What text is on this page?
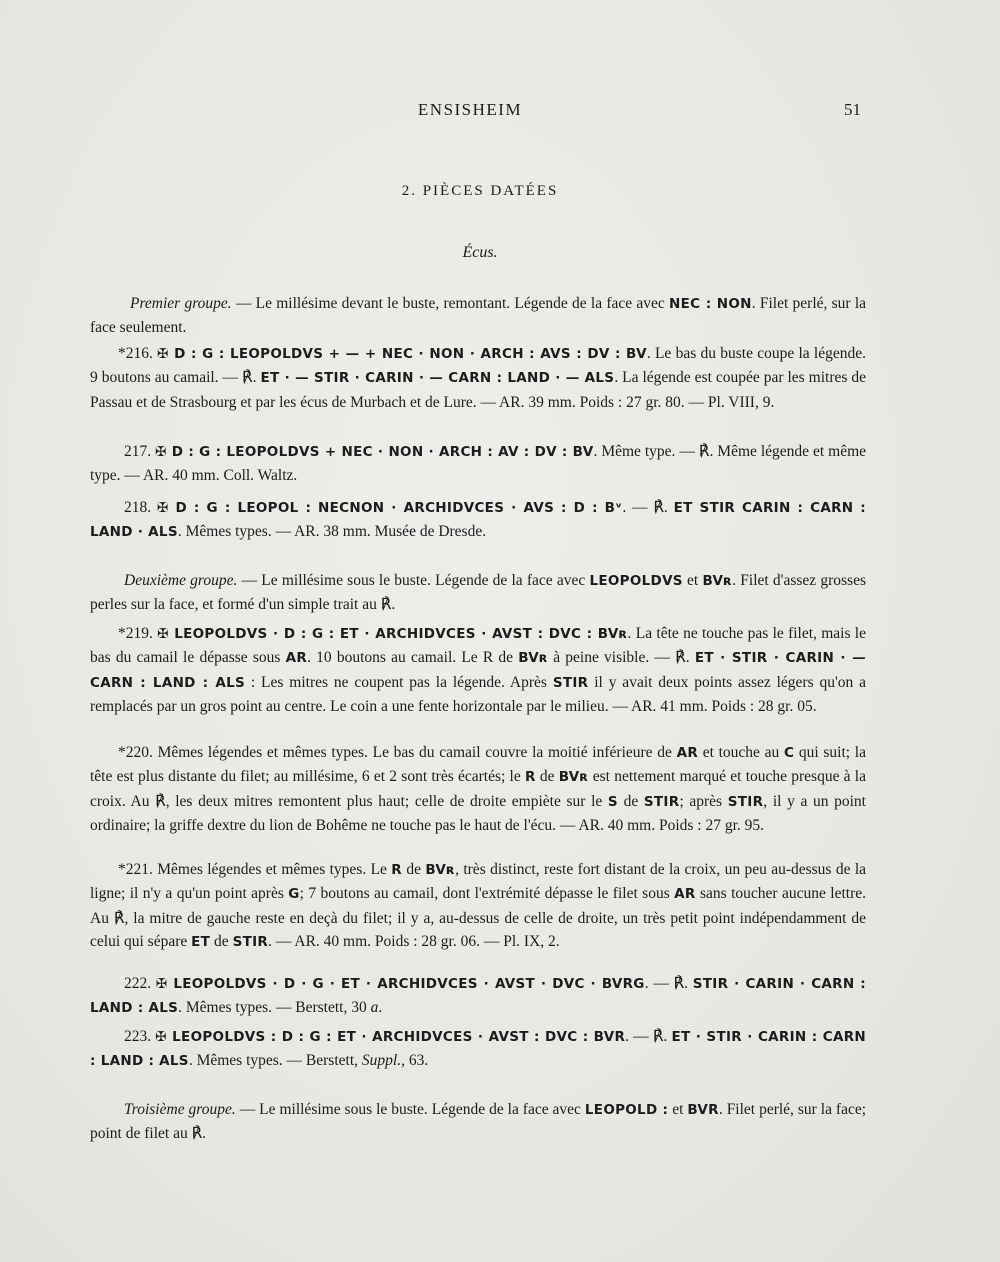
ENSISHEIM	51
2. PIÈCES DATÉES
Écus.

Premier groupe. — Le millésime devant le buste, remontant. Légende de la face avec NEC : NON. Filet perlé, sur la face seulement.

*216. ✠ D : G : LEOPOLDVS + — + NEC · NON · ARCH : AVS : DV : BV. Le bas du buste coupe la légende. 9 boutons au camail. — ℟. ET · — STIR · CARIN · — CARN : LAND · — ALS. La légende est coupée par les mitres de Passau et de Strasbourg et par les écus de Murbach et de Lure. — AR. 39 mm. Poids : 27 gr. 80. — Pl. VIII, 9.

217. ✠ D : G : LEOPOLDVS + NEC · NON · ARCH : AV : DV : BV. Même type. — ℟. Même légende et même type. — AR. 40 mm. Coll. Waltz.

218. ✠ D : G : LEOPOL : NECNON · ARCHIDVCES · AVS : D : Bᵛ. — ℟. ET STIR CARIN : CARN : LAND · ALS. Mêmes types. — AR. 38 mm. Musée de Dresde.

Deuxième groupe. — Le millésime sous le buste. Légende de la face avec LEOPOLDVS et BVʀ. Filet d'assez grosses perles sur la face, et formé d'un simple trait au ℟.

*219. ✠ LEOPOLDVS · D : G : ET · ARCHIDVCES · AVST : DVC : BVʀ. La tête ne touche pas le filet, mais le bas du camail le dépasse sous AR. 10 boutons au camail. Le R de BVʀ à peine visible. — ℟. ET · STIR · CARIN · — CARN : LAND : ALS : Les mitres ne coupent pas la légende. Après STIR il y avait deux points assez légers qu'on a remplacés par un gros point au centre. Le coin a une fente horizontale par le milieu. — AR. 41 mm. Poids : 28 gr. 05.

*220. Mêmes légendes et mêmes types. Le bas du camail couvre la moitié inférieure de AR et touche au C qui suit; la tête est plus distante du filet; au millésime, 6 et 2 sont très écartés; le R de BVʀ est nettement marqué et touche presque à la croix. Au ℟, les deux mitres remontent plus haut; celle de droite empiète sur le S de STIR; après STIR, il y a un point ordinaire; la griffe dextre du lion de Bohême ne touche pas le haut de l'écu. — AR. 40 mm. Poids : 27 gr. 95.

*221. Mêmes légendes et mêmes types. Le R de BVʀ, très distinct, reste fort distant de la croix, un peu au-dessus de la ligne; il n'y a qu'un point après G; 7 boutons au camail, dont l'extrémité dépasse le filet sous AR sans toucher aucune lettre. Au ℟, la mitre de gauche reste en deçà du filet; il y a, au-dessus de celle de droite, un très petit point indépendamment de celui qui sépare ET de STIR. — AR. 40 mm. Poids : 28 gr. 06. — Pl. IX, 2.

222. ✠ LEOPOLDVS · D · G · ET · ARCHIDVCES · AVST · DVC · BVRG. — ℟. STIR · CARIN · CARN : LAND : ALS. Mêmes types. — Berstett, 30 a.

223. ✠ LEOPOLDVS : D : G : ET · ARCHIDVCES · AVST : DVC : BVR. — ℟. ET · STIR · CARIN : CARN : LAND : ALS. Mêmes types. — Berstett, Suppl., 63.

Troisième groupe. — Le millésime sous le buste. Légende de la face avec LEOPOLD : et BVR. Filet perlé, sur la face; point de filet au ℟.
